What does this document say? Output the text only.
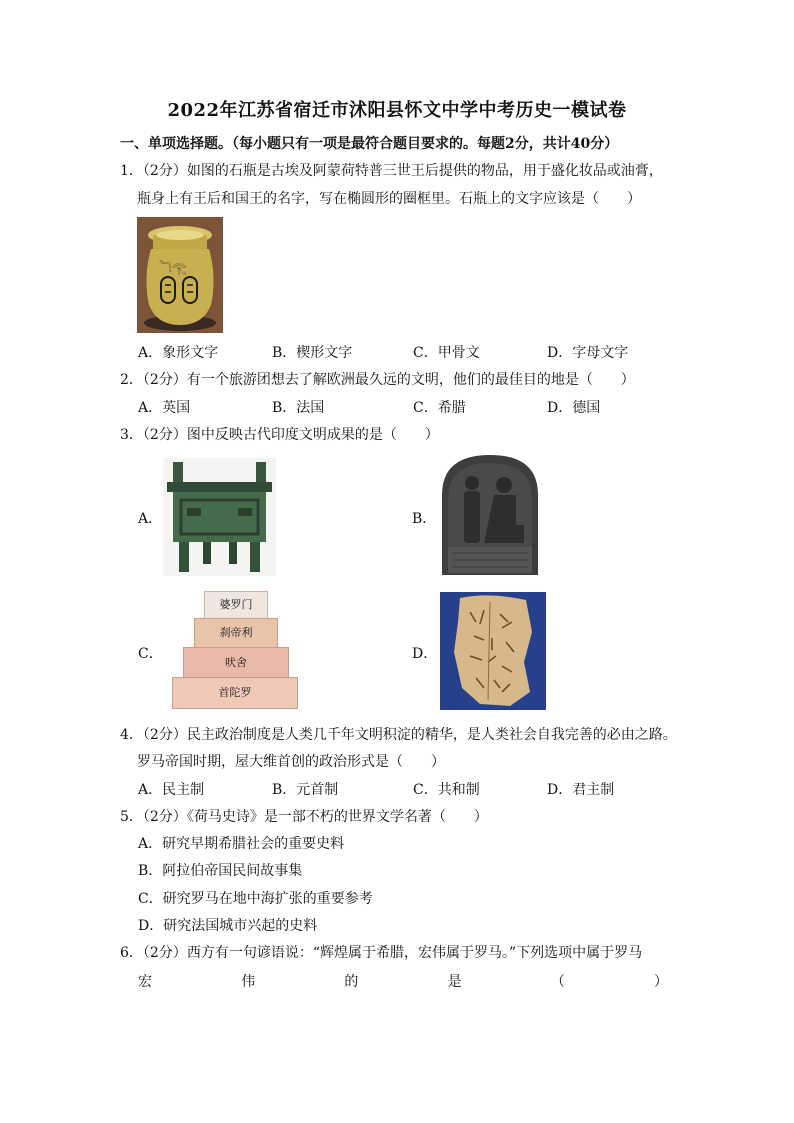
2022年江苏省宿迁市沭阳县怀文中学中考历史一模试卷
一、单项选择题。（每小题只有一项是最符合题目要求的。每题2分，共计40分）
1．（2分）如图的石瓶是古埃及阿蒙荷特普三世王后提供的物品，用于盛化妆品或油膏，
瓶身上有王后和国王的名字，写在椭圆形的圈框里。石瓶上的文字应该是（　　）
𓆓𓂀
A．象形文字	B．楔形文字	C．甲骨文	D．字母文字
2．（2分）有一个旅游团想去了解欧洲最久远的文明，他们的最佳目的地是（　　）
A．英国	B．法国	C．希腊	D．德国
3．（2分）图中反映古代印度文明成果的是（　　）
A．	B．
C．
婆罗门
刹帝利
吠舍
首陀罗
D．
4．（2分）民主政治制度是人类几千年文明积淀的精华，是人类社会自我完善的必由之路。
罗马帝国时期，屋大维首创的政治形式是（　　）
A．民主制	B．元首制	C．共和制	D．君主制
5．（2分）《荷马史诗》是一部不朽的世界文学名著（　　）
A．研究早期希腊社会的重要史料
B．阿拉伯帝国民间故事集
C．研究罗马在地中海扩张的重要参考
D．研究法国城市兴起的史料
6．（2分）西方有一句谚语说：“辉煌属于希腊，宏伟属于罗马。”下列选项中属于罗马
宏	伟	的	是	（	）
